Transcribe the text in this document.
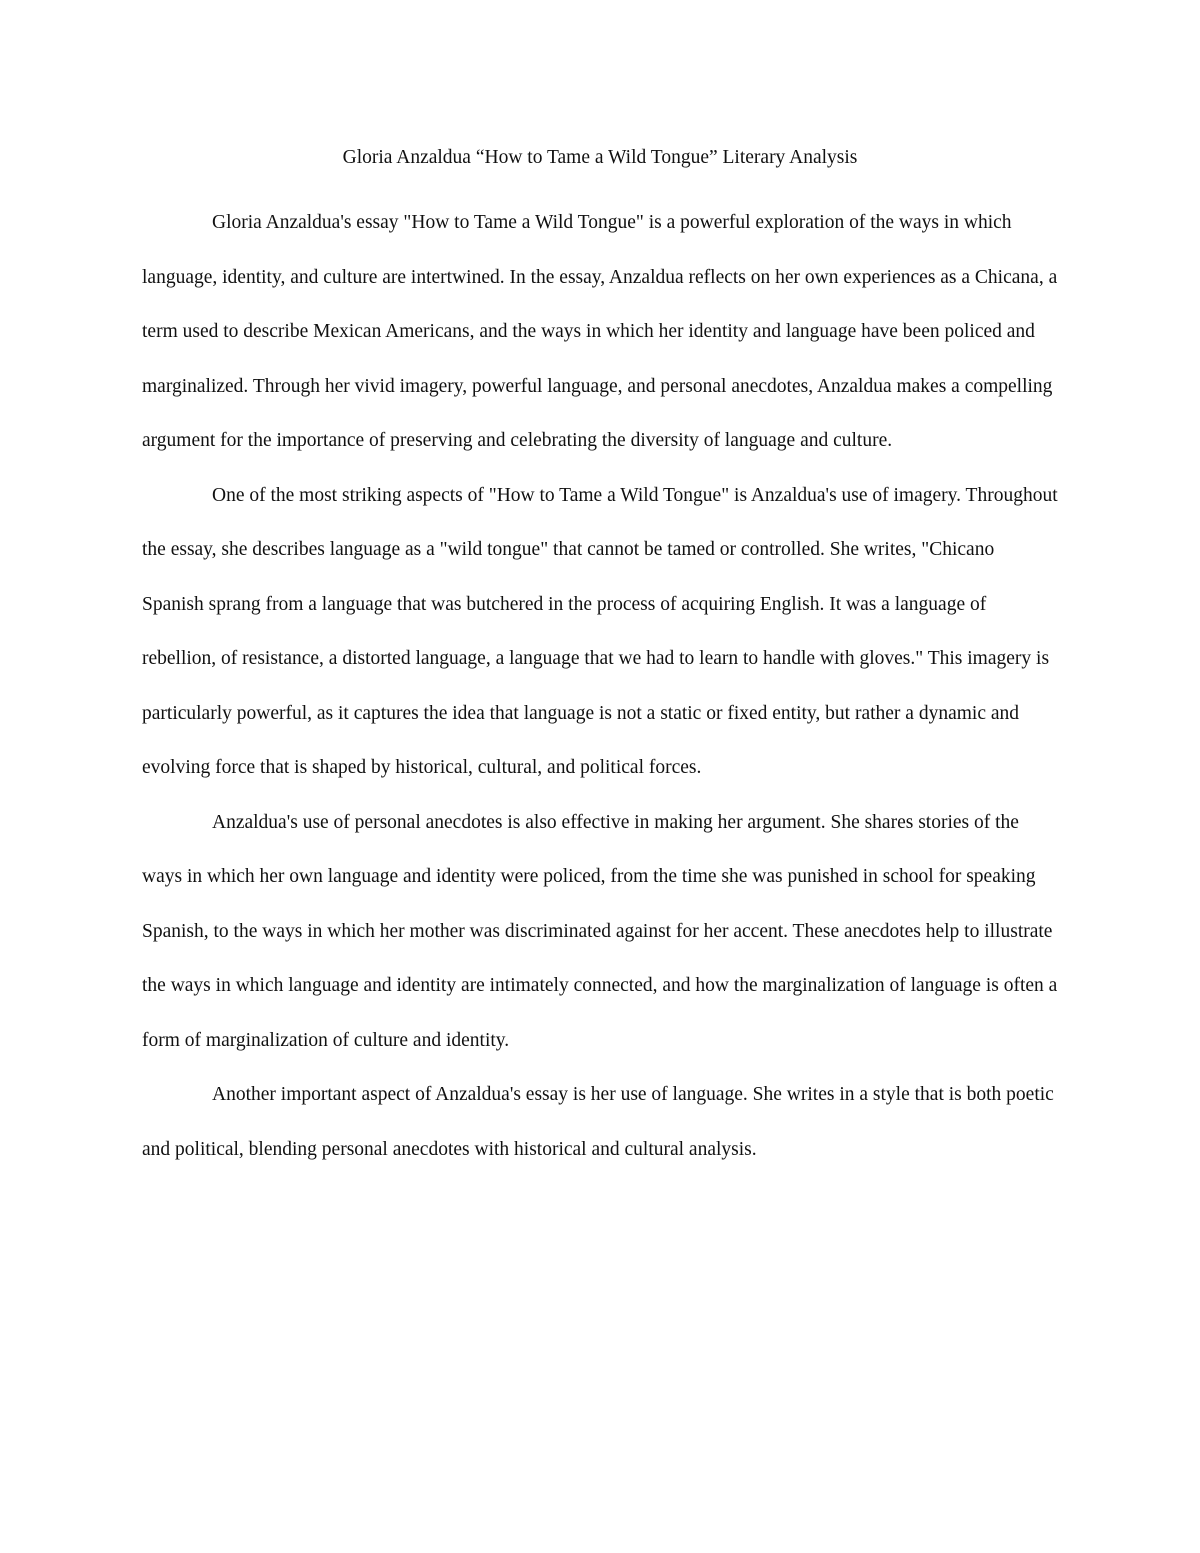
Gloria Anzaldua “How to Tame a Wild Tongue” Literary Analysis

Gloria Anzaldua's essay "How to Tame a Wild Tongue" is a powerful exploration of the ways in which language, identity, and culture are intertwined. In the essay, Anzaldua reflects on her own experiences as a Chicana, a term used to describe Mexican Americans, and the ways in which her identity and language have been policed and marginalized. Through her vivid imagery, powerful language, and personal anecdotes, Anzaldua makes a compelling argument for the importance of preserving and celebrating the diversity of language and culture.

One of the most striking aspects of "How to Tame a Wild Tongue" is Anzaldua's use of imagery. Throughout the essay, she describes language as a "wild tongue" that cannot be tamed or controlled. She writes, "Chicano Spanish sprang from a language that was butchered in the process of acquiring English. It was a language of rebellion, of resistance, a distorted language, a language that we had to learn to handle with gloves." This imagery is particularly powerful, as it captures the idea that language is not a static or fixed entity, but rather a dynamic and evolving force that is shaped by historical, cultural, and political forces.

Anzaldua's use of personal anecdotes is also effective in making her argument. She shares stories of the ways in which her own language and identity were policed, from the time she was punished in school for speaking Spanish, to the ways in which her mother was discriminated against for her accent. These anecdotes help to illustrate the ways in which language and identity are intimately connected, and how the marginalization of language is often a form of marginalization of culture and identity.

Another important aspect of Anzaldua's essay is her use of language. She writes in a style that is both poetic and political, blending personal anecdotes with historical and cultural analysis.
